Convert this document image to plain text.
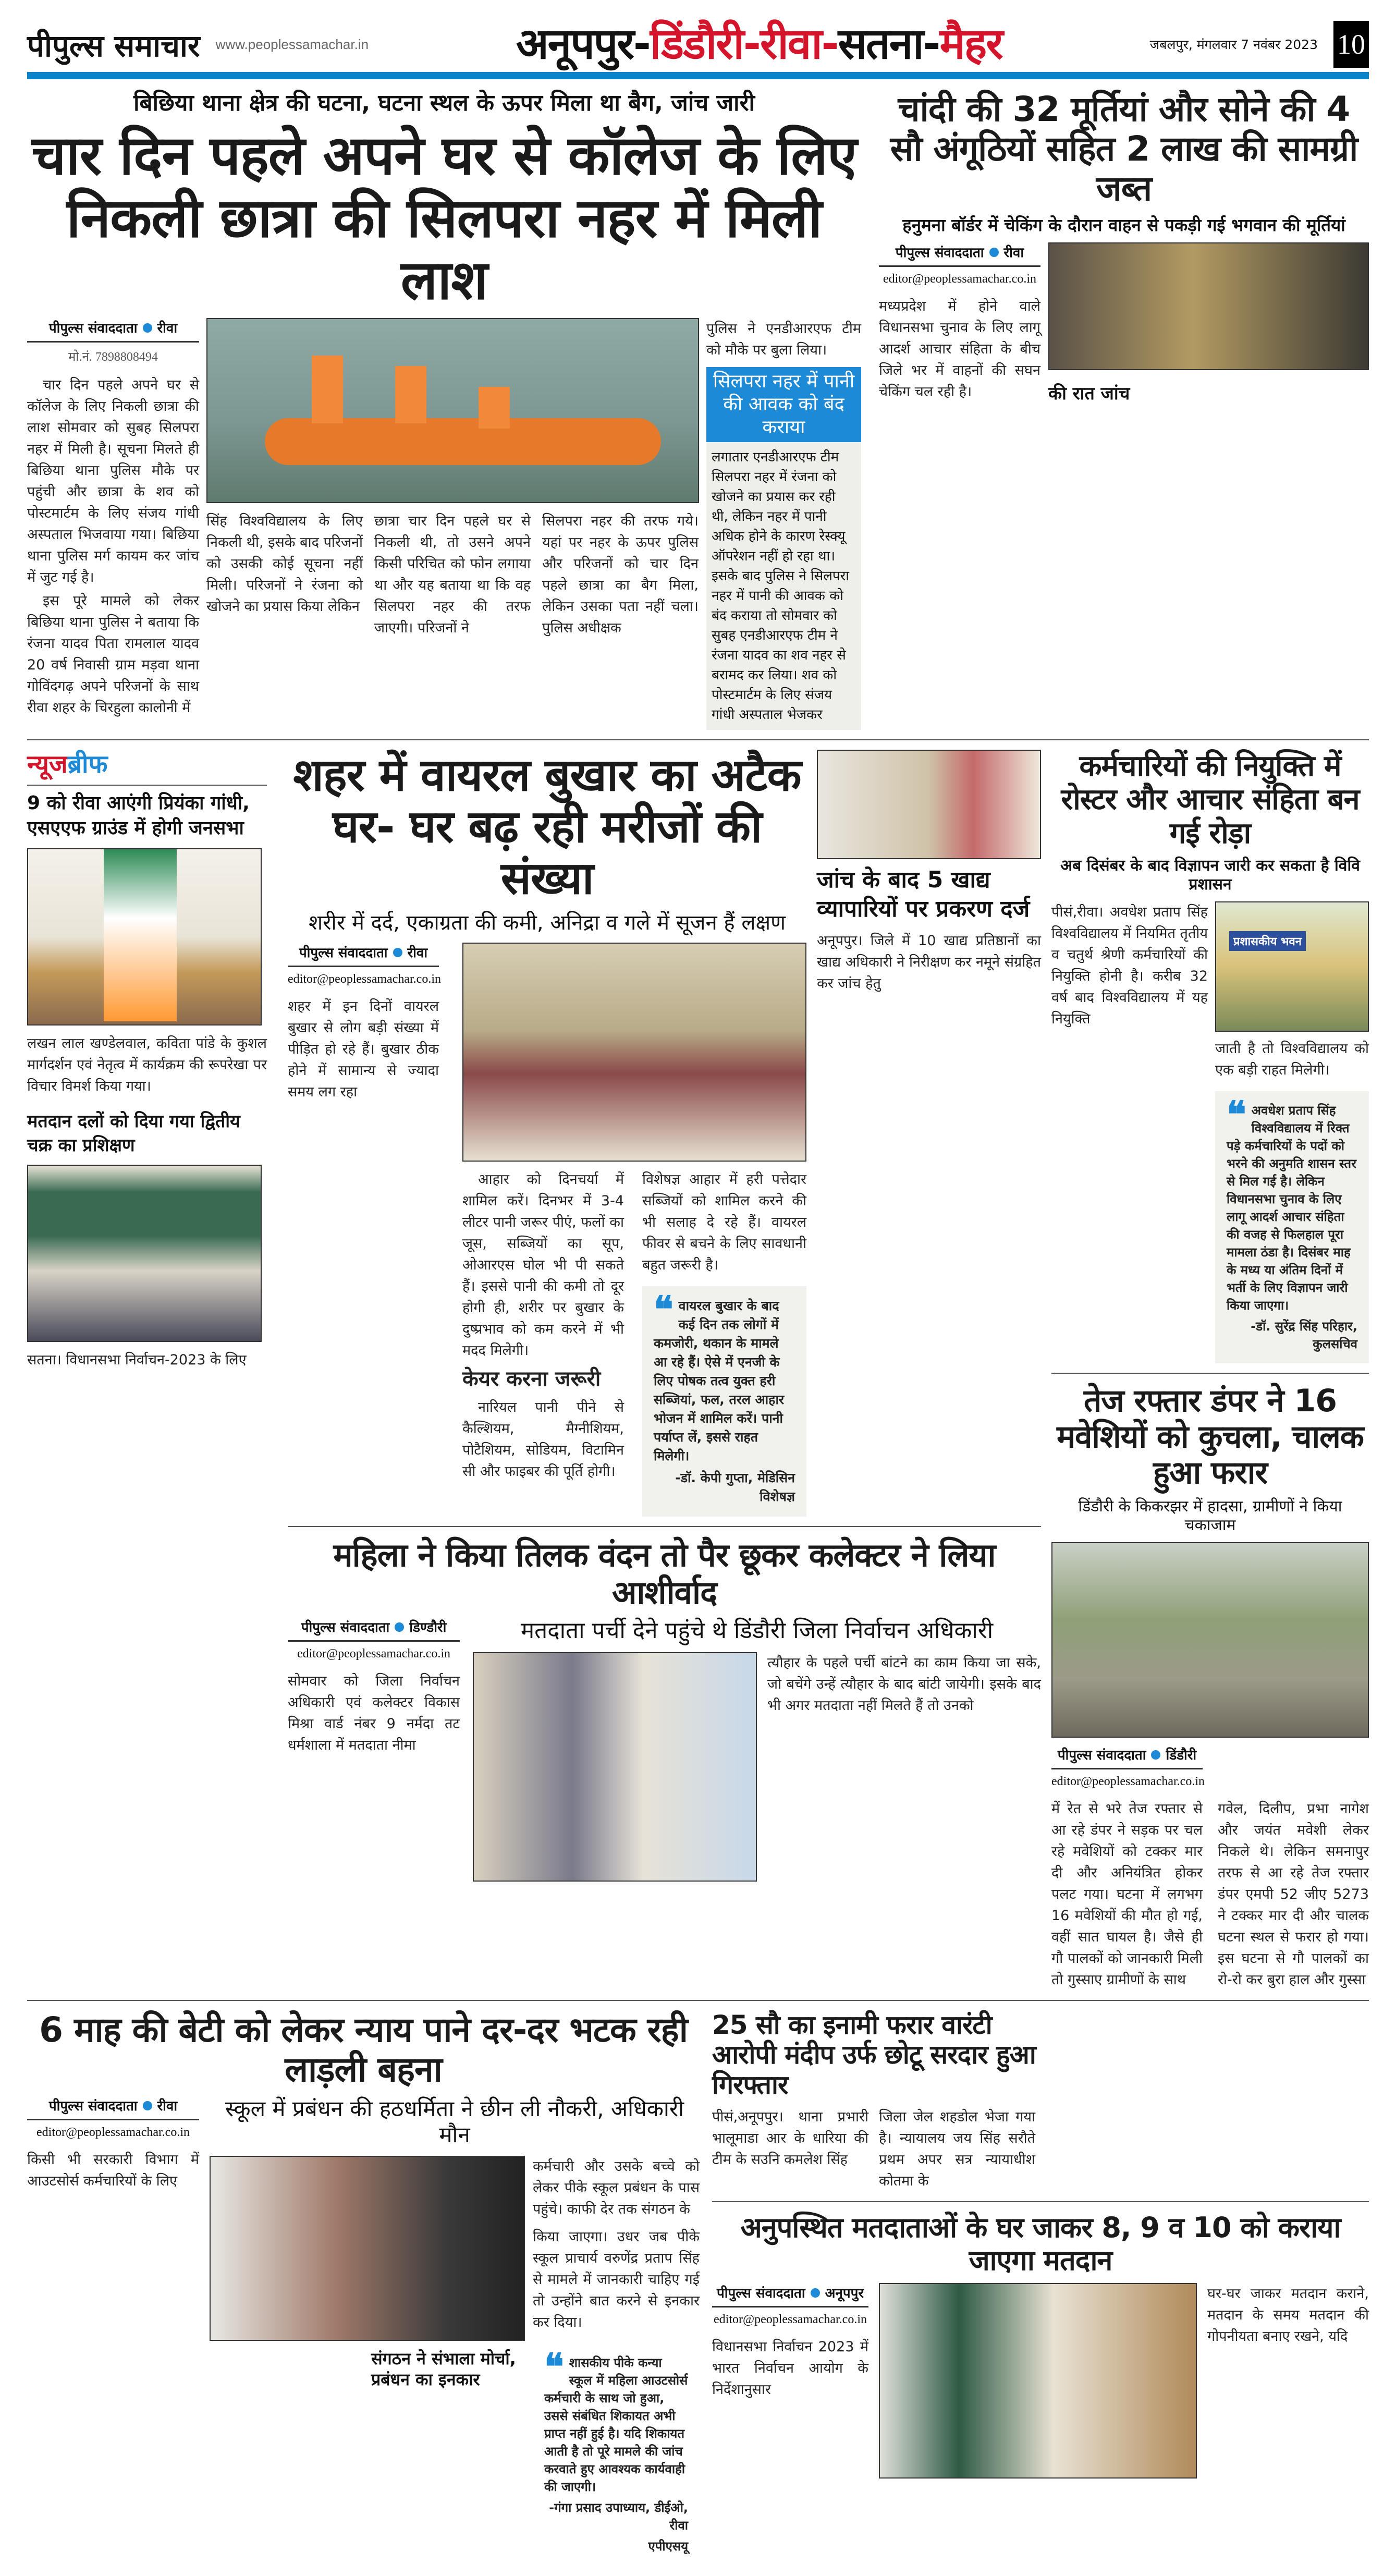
पीपुल्स समाचार www.peoplessamachar.in	अनूपपुर-डिंडौरी-रीवा-सतना-मैहर	जबलपुर, मंगलवार 7 नवंबर 2023 10
बिछिया थाना क्षेत्र की घटना, घटना स्थल के ऊपर मिला था बैग, जांच जारी
चार दिन पहले अपने घर से कॉलेज के लिए निकली छात्रा की सिलपरा नहर में मिली लाश
पीपुल्स संवाददाता रीवा
मो.नं. 7898808494

चार दिन पहले अपने घर से कॉलेज के लिए निकली छात्रा की लाश सोमवार को सुबह सिलपरा नहर में मिली है। सूचना मिलते ही बिछिया थाना पुलिस मौके पर पहुंची और छात्रा के शव को पोस्टमार्टम के लिए संजय गांधी अस्पताल भिजवाया गया। बिछिया थाना पुलिस मर्ग कायम कर जांच में जुट गई है।

इस पूरे मामले को लेकर बिछिया थाना पुलिस ने बताया कि रंजना यादव पिता रामलाल यादव 20 वर्ष निवासी ग्राम मड़वा थाना गोविंदगढ़ अपने परिजनों के साथ रीवा शहर के चिरहुला कालोनी में

सिंह विश्वविद्यालय के लिए निकली थी, इसके बाद परिजनों को उसकी कोई सूचना नहीं मिली। परिजनों ने रंजना को खोजने का प्रयास किया लेकिन
छात्रा चार दिन पहले घर से निकली थी, तो उसने अपने किसी परिचित को फोन लगाया था और यह बताया था कि वह सिलपरा नहर की तरफ जाएगी। परिजनों ने
सिलपरा नहर की तरफ गये। यहां पर नहर के ऊपर पुलिस और परिजनों को चार दिन पहले छात्रा का बैग मिला, लेकिन उसका पता नहीं चला। पुलिस अधीक्षक
पुलिस ने एनडीआरएफ टीम को मौके पर बुला लिया।
सिलपरा नहर में पानी की आवक को बंद कराया
लगातार एनडीआरएफ टीम सिलपरा नहर में रंजना को खोजने का प्रयास कर रही थी, लेकिन नहर में पानी अधिक होने के कारण रेस्क्यू ऑपरेशन नहीं हो रहा था। इसके बाद पुलिस ने सिलपरा नहर में पानी की आवक को बंद कराया तो सोमवार को सुबह एनडीआरएफ टीम ने रंजना यादव का शव नहर से बरामद कर लिया। शव को पोस्टमार्टम के लिए संजय गांधी अस्पताल भेजकर
चांदी की 32 मूर्तियां और सोने की 4 सौ अंगूठियों सहित 2 लाख की सामग्री जब्त
हनुमना बॉर्डर में चेकिंग के दौरान वाहन से पकड़ी गई भगवान की मूर्तियां
पीपुल्स संवाददाता रीवा
editor@peoplessamachar.co.in
मध्यप्रदेश में होने वाले विधानसभा चुनाव के लिए लागू आदर्श आचार संहिता के बीच जिले भर में वाहनों की सघन चेकिंग चल रही है।	की रात जांच
न्यूजब्रीफ
9 को रीवा आएंगी प्रियंका गांधी, एसएएफ ग्राउंड में होगी जनसभा
लखन लाल खण्डेलवाल, कविता पांडे के कुशल मार्गदर्शन एवं नेतृत्व में कार्यक्रम की रूपरेखा पर विचार विमर्श किया गया।
मतदान दलों को दिया गया द्वितीय चक्र का प्रशिक्षण
सतना। विधानसभा निर्वाचन-2023 के लिए
शहर में वायरल बुखार का अटैक घर- घर बढ़ रही मरीजों की संख्या
शरीर में दर्द, एकाग्रता की कमी, अनिद्रा व गले में सूजन हैं लक्षण
पीपुल्स संवाददाता रीवा
editor@peoplessamachar.co.in
शहर में इन दिनों वायरल बुखार से लोग बड़ी संख्या में पीड़ित हो रहे हैं। बुखार ठीक होने में सामान्य से ज्यादा समय लग रहा

आहार को दिनचर्या में शामिल करें। दिनभर में 3-4 लीटर पानी जरूर पीएं, फलों का जूस, सब्जियों का सूप, ओआरएस घोल भी पी सकते हैं। इससे पानी की कमी तो दूर होगी ही, शरीर पर बुखार के दुष्प्रभाव को कम करने में भी मदद मिलेगी।

केयर करना जरूरी

नारियल पानी पीने से कैल्शियम, मैग्नीशियम, पोटैशियम, सोडियम, विटामिन सी और फाइबर की पूर्ति होगी।

विशेषज्ञ आहार में हरी पत्तेदार सब्जियों को शामिल करने की भी सलाह दे रहे हैं। वायरल फीवर से बचने के लिए सावधानी बहुत जरूरी है।
❝ वायरल बुखार के बाद कई दिन तक लोगों में कमजोरी, थकान के मामले आ रहे हैं। ऐसे में एनजी के लिए पोषक तत्व युक्त हरी सब्जियां, फल, तरल आहार भोजन में शामिल करें। पानी पर्याप्त लें, इससे राहत मिलेगी।
-डॉ. केपी गुप्ता, मेडिसिन विशेषज्ञ
जांच के बाद 5 खाद्य व्यापारियों पर प्रकरण दर्ज
अनूपपुर। जिले में 10 खाद्य प्रतिष्ठानों का खाद्य अधिकारी ने निरीक्षण कर नमूने संग्रहित कर जांच हेतु
महिला ने किया तिलक वंदन तो पैर छूकर कलेक्टर ने लिया आशीर्वाद
पीपुल्स संवाददाता डिण्डौरी
editor@peoplessamachar.co.in
सोमवार को जिला निर्वाचन अधिकारी एवं कलेक्टर विकास मिश्रा वार्ड नंबर 9 नर्मदा तट धर्मशाला में मतदाता नीमा
मतदाता पर्ची देने पहुंचे थे डिंडौरी जिला निर्वाचन अधिकारी
त्यौहार के पहले पर्ची बांटने का काम किया जा सके, जो बचेंगे उन्हें त्यौहार के बाद बांटी जायेगी। इसके बाद भी अगर मतदाता नहीं मिलते हैं तो उनको
कर्मचारियों की नियुक्ति में रोस्टर और आचार संहिता बन गई रोड़ा
अब दिसंबर के बाद विज्ञापन जारी कर सकता है विवि प्रशासन
पीसं,रीवा। अवधेश प्रताप सिंह विश्वविद्यालय में नियमित तृतीय व चतुर्थ श्रेणी कर्मचारियों की नियुक्ति होनी है। करीब 32 वर्ष बाद विश्वविद्यालय में यह नियुक्ति
प्रशासकीय भवन
जाती है तो विश्वविद्यालय को एक बड़ी राहत मिलेगी।
❝ अवधेश प्रताप सिंह विश्वविद्यालय में रिक्त पड़े कर्मचारियों के पदों को भरने की अनुमति शासन स्तर से मिल गई है। लेकिन विधानसभा चुनाव के लिए लागू आदर्श आचार संहिता की वजह से फिलहाल पूरा मामला ठंडा है। दिसंबर माह के मध्य या अंतिम दिनों में भर्ती के लिए विज्ञापन जारी किया जाएगा।
-डॉ. सुरेंद्र सिंह परिहार, कुलसचिव
तेज रफ्तार डंपर ने 16 मवेशियों को कुचला, चालक हुआ फरार
डिंडौरी के किकरझर में हादसा, ग्रामीणों ने किया चकाजाम
पीपुल्स संवाददाता डिंडौरी
editor@peoplessamachar.co.in
में रेत से भरे तेज रफ्तार से आ रहे डंपर ने सड़क पर चल रहे मवेशियों को टक्कर मार दी और अनियंत्रित होकर पलट गया। घटना में लगभग 16 मवेशियों की मौत हो गई, वहीं सात घायल है। जैसे ही गौ पालकों को जानकारी मिली तो गुस्साए ग्रामीणों के साथ
गवेल, दिलीप, प्रभा नागेश और जयंत मवेशी लेकर निकले थे। लेकिन समनापुर तरफ से आ रहे तेज रफ्तार डंपर एमपी 52 जीए 5273 ने टक्कर मार दी और चालक घटना स्थल से फरार हो गया। इस घटना से गौ पालकों का रो-रो कर बुरा हाल और गुस्सा
6 माह की बेटी को लेकर न्याय पाने दर-दर भटक रही लाड़ली बहना
पीपुल्स संवाददाता रीवा
editor@peoplessamachar.co.in
किसी भी सरकारी विभाग में आउटसोर्स कर्मचारियों के लिए
स्कूल में प्रबंधन की हठधर्मिता ने छीन ली नौकरी, अधिकारी मौन
संगठन ने संभाला मोर्चा, प्रबंधन का इनकार
कर्मचारी और उसके बच्चे को लेकर पीके स्कूल प्रबंधन के पास पहुंचे। काफी देर तक संगठन के
किया जाएगा। उधर जब पीके स्कूल प्राचार्य वरुणेंद्र प्रताप सिंह से मामले में जानकारी चाहिए गई तो उन्होंने बात करने से इनकार कर दिया।
❝ शासकीय पीके कन्या स्कूल में महिला आउटसोर्स कर्मचारी के साथ जो हुआ, उससे संबंधित शिकायत अभी प्राप्त नहीं हुई है। यदि शिकायत आती है तो पूरे मामले की जांच करवाते हुए आवश्यक कार्यवाही की जाएगी।
-गंगा प्रसाद उपाध्याय, डीईओ, रीवा
एपीएसयू
25 सौ का इनामी फरार वारंटी आरोपी मंदीप उर्फ छोटू सरदार हुआ गिरफ्तार
पीसं,अनूपपुर। थाना प्रभारी भालूमाडा आर के धारिया की टीम के सउनि कमलेश सिंह
जिला जेल शहडोल भेजा गया है। न्यायालय जय सिंह सरौते प्रथम अपर सत्र न्यायाधीश कोतमा के
अनुपस्थित मतदाताओं के घर जाकर 8, 9 व 10 को कराया जाएगा मतदान
पीपुल्स संवाददाता अनूपपुर
editor@peoplessamachar.co.in
विधानसभा निर्वाचन 2023 में भारत निर्वाचन आयोग के निर्देशानुसार
घर-घर जाकर मतदान कराने, मतदान के समय मतदान की गोपनीयता बनाए रखने, यदि
